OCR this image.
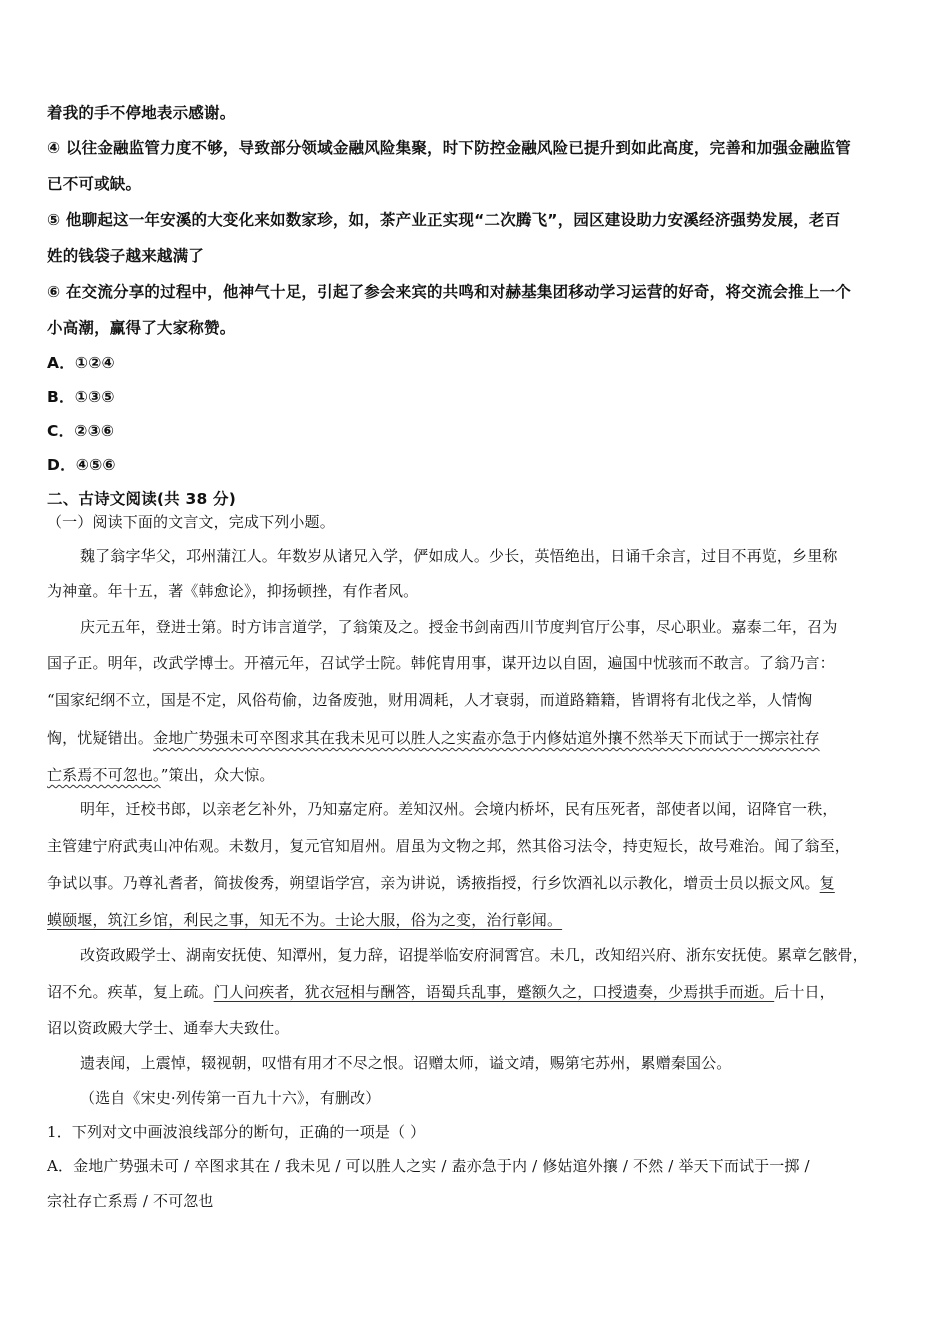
着我的手不停地表示感谢。
④ 以往金融监管力度不够，导致部分领域金融风险集聚，时下防控金融风险已提升到如此高度，完善和加强金融监管
已不可或缺。
⑤ 他聊起这一年安溪的大变化来如数家珍，如，茶产业正实现“二次腾飞”，园区建设助力安溪经济强势发展，老百
姓的钱袋子越来越满了
⑥ 在交流分享的过程中，他神气十足，引起了参会来宾的共鸣和对赫基集团移动学习运营的好奇，将交流会推上一个
小高潮，赢得了大家称赞。
A．①②④
B．①③⑤
C．②③⑥
D．④⑤⑥
二、古诗文阅读(共 38 分)
（一）阅读下面的文言文，完成下列小题。
魏了翁字华父，邛州蒲江人。年数岁从诸兄入学，俨如成人。少长，英悟绝出，日诵千余言，过目不再览，乡里称
为神童。年十五，著《韩愈论》，抑扬顿挫，有作者风。
庆元五年，登进士第。时方讳言道学，了翁策及之。授金书剑南西川节度判官厅公事，尽心职业。嘉泰二年，召为
国子正。明年，改武学博士。开禧元年，召试学士院。韩侂胄用事，谋开边以自固，遍国中忧骇而不敢言。了翁乃言：
“国家纪纲不立，国是不定，风俗苟偷，边备废弛，财用凋耗，人才衰弱，而道路籍籍，皆谓将有北伐之举，人情恟
恟，忧疑错出。金地广势强未可卒图求其在我未见可以胜人之实盍亦急于内修姑逭外攘不然举天下而试于一掷宗社存
亡系焉不可忽也。”策出，众大惊。
明年，迁校书郎，以亲老乞补外，乃知嘉定府。差知汉州。会境内桥坏，民有压死者，部使者以闻，诏降官一秩，
主管建宁府武夷山冲佑观。未数月，复元官知眉州。眉虽为文物之邦，然其俗习法令，持吏短长，故号难治。闻了翁至，
争试以事。乃尊礼耆者，简拔俊秀，朔望诣学宫，亲为讲说，诱掖指授，行乡饮酒礼以示教化，增贡士员以振文风。复
蟆颐堰，筑江乡馆，利民之事，知无不为。士论大服，俗为之变，治行彰闻。
改资政殿学士、湖南安抚使、知潭州，复力辞，诏提举临安府洞霄宫。未几，改知绍兴府、浙东安抚使。累章乞骸骨，
诏不允。疾革，复上疏。门人问疾者，犹衣冠相与酬答，语蜀兵乱事，蹙额久之，口授遗奏，少焉拱手而逝。后十日，
诏以资政殿大学士、通奉大夫致仕。
遗表闻，上震悼，辍视朝，叹惜有用才不尽之恨。诏赠太师，谥文靖，赐第宅苏州，累赠秦国公。
（选自《宋史·列传第一百九十六》，有删改）
1．下列对文中画波浪线部分的断句，正确的一项是（ ）
A．金地广势强未可 / 卒图求其在 / 我未见 / 可以胜人之实 / 盍亦急于内 / 修姑逭外攘 / 不然 / 举天下而试于一掷 /
宗社存亡系焉 / 不可忽也
